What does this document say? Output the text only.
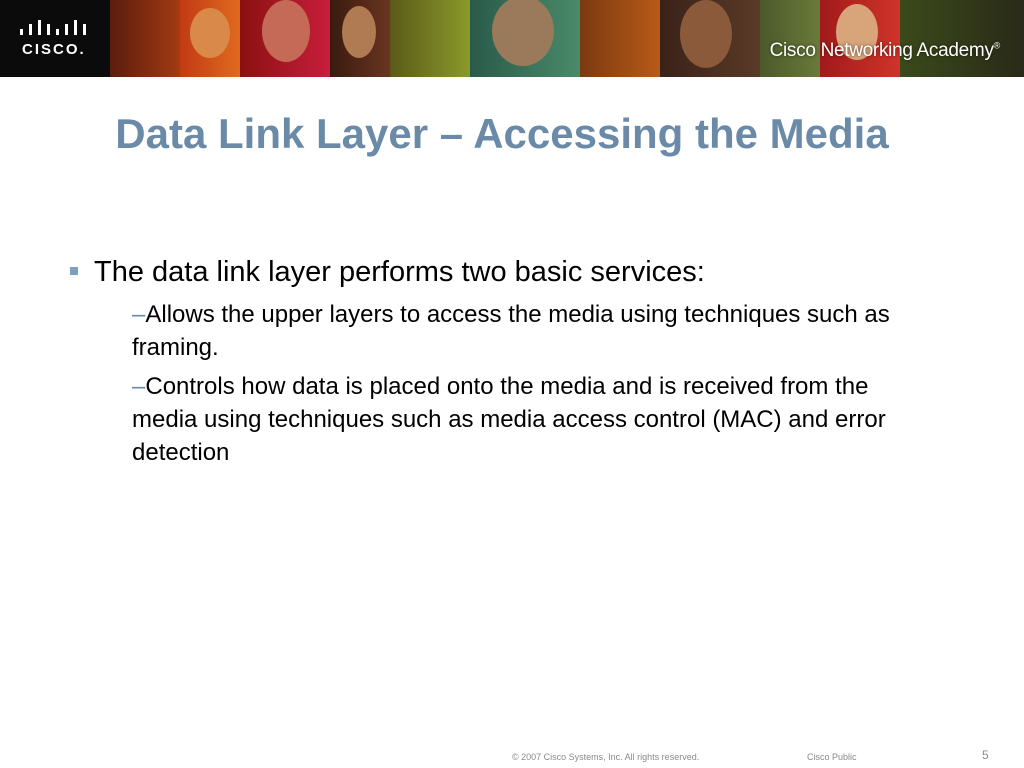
CISCO.	Cisco Networking Academy®
Data Link Layer – Accessing the Media
The data link layer performs two basic services:
–Allows the upper layers to access the media using techniques such as framing.
–Controls how data is placed onto the media and is received from the media using techniques such as media access control (MAC) and error detection
© 2007 Cisco Systems, Inc. All rights reserved.	Cisco Public	5
